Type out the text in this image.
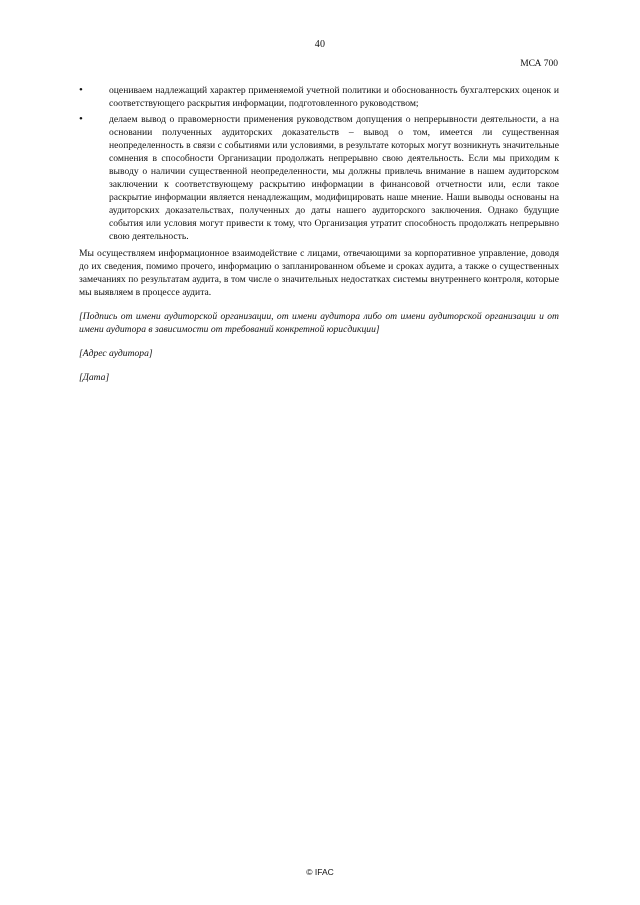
40
МСА 700
•	оцениваем надлежащий характер применяемой учетной политики и обоснованность бухгалтерских оценок и соответствующего раскрытия информации, подготовленного руководством;
•	делаем вывод о правомерности применения руководством допущения о непрерывности деятельности, а на основании полученных аудиторских доказательств – вывод о том, имеется ли существенная неопределенность в связи с событиями или условиями, в результате которых могут возникнуть значительные сомнения в способности Организации продолжать непрерывно свою деятельность. Если мы приходим к выводу о наличии существенной неопределенности, мы должны привлечь внимание в нашем аудиторском заключении к соответствующему раскрытию информации в финансовой отчетности или, если такое раскрытие информации является ненадлежащим, модифицировать наше мнение. Наши выводы основаны на аудиторских доказательствах, полученных до даты нашего аудиторского заключения. Однако будущие события или условия могут привести к тому, что Организация утратит способность продолжать непрерывно свою деятельность.

Мы осуществляем информационное взаимодействие с лицами, отвечающими за корпоративное управление, доводя до их сведения, помимо прочего, информацию о запланированном объеме и сроках аудита, а также о существенных замечаниях по результатам аудита, в том числе о значительных недостатках системы внутреннего контроля, которые мы выявляем в процессе аудита.

[Подпись от имени аудиторской организации, от имени аудитора либо от имени аудиторской организации и от имени аудитора в зависимости от требований конкретной юрисдикции]

[Адрес аудитора]

[Дата]

© IFAC
